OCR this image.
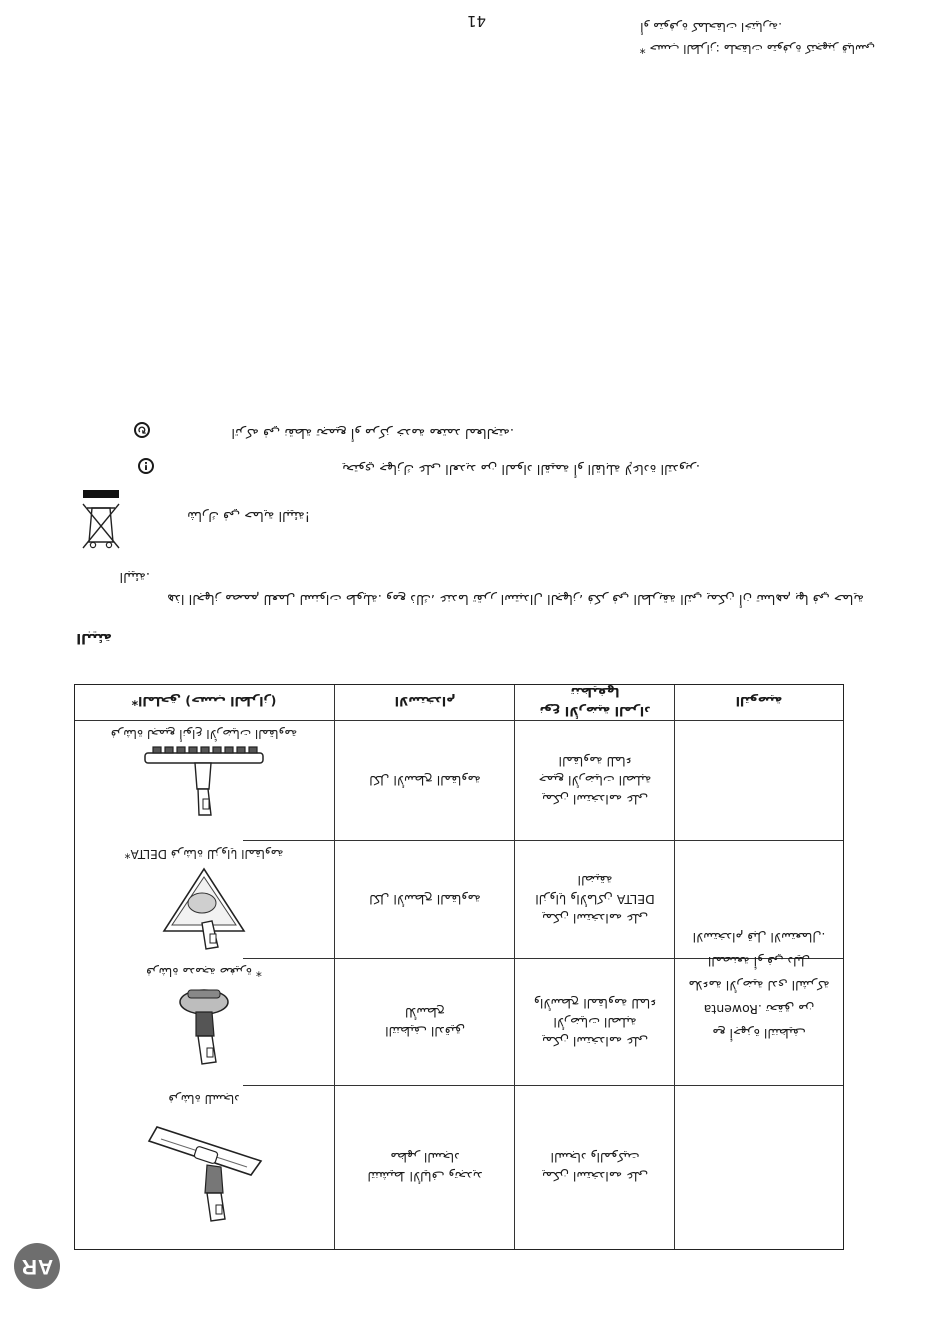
41
* حسب الطراز: ملحقات متوفرة كتجهيز قياسي
أو متوفرة كملحقات اختيارية.
اتركه في نقطة تجميع أو مركز خدمة معتمد لمعالجته.
↻
يحتوي جهازك على العديد من المواد القيمة أو القابلة لإعادة التدوير.
!
شارك في حماية البيئة!
البيئة.
هذا الجهاز مصمم للعمل لسنوات طويلة. ومع ذلك، عندما تقرر استبدال الجهاز، فكر في الطريقة التي يمكن أن تساهم بها في حماية
البيئة
التوصية
نوع الأرضية المراد تنظيفها
الاستخدام
*الملحق (حسب الطراز)
مع أجهزة التنظيف Rowenta. تحقق من ملاءمة الأرضية لدى الشركة المصنعة أو في دليل الاستخدام قبل الاستعمال.
يمكن استخدامه على جميع الأرضيات الصلبة المقاومة للماء
لكل الأسطح المقاومة
فرشاة لجميع أنواع الأرضيات المقاومة
يمكن استخدامه على الزوايا والأماكن DELTA الضيقة
لكل الأسطح المقاومة
*DELTA فرشاة للزوايا المقاومة
يمكن استخدامه على الأرضيات الصلبة والأسطح المقاومة للماء
التنظيف الدقيق للأسطح
فرشاة مدمجة صغيرة *
يمكن استخدامه على السجاد والموكيت
لتنشيط الألياف وتجديد مظهر السجاد
فرشاة للسجاد
AR
